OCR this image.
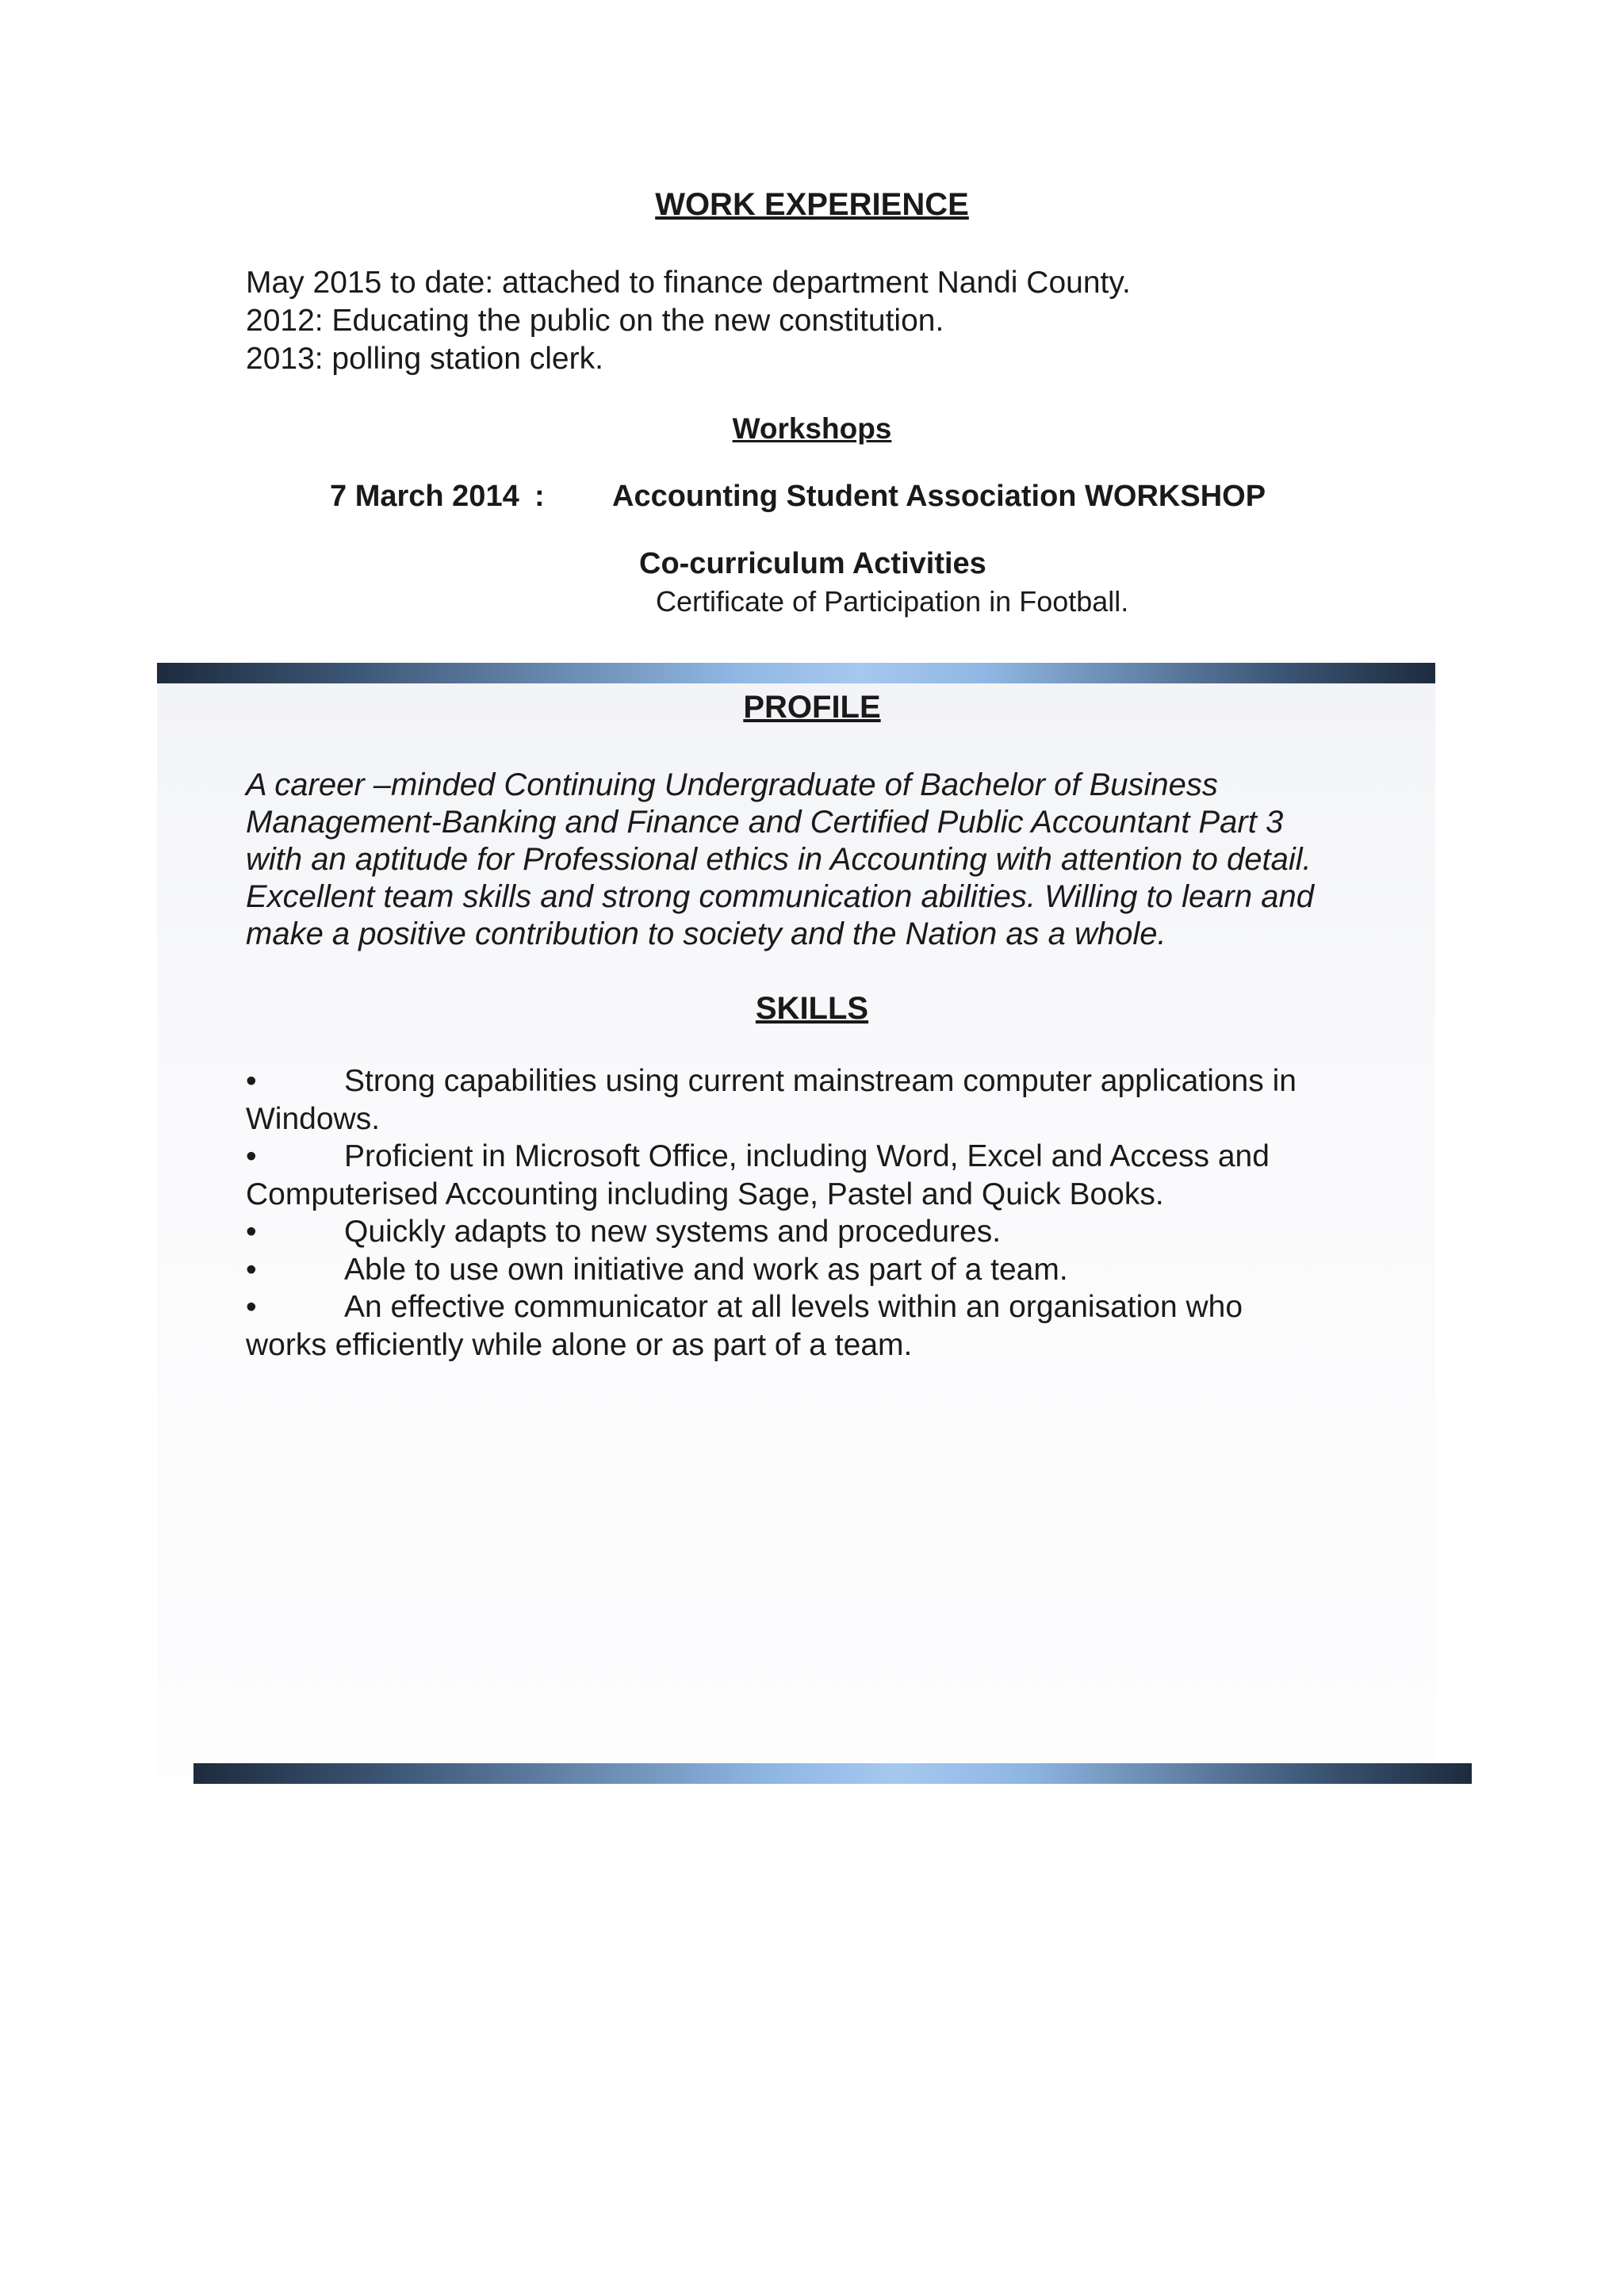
WORK EXPERIENCE
May 2015 to date: attached to finance department Nandi County.
2012: Educating the public on the new constitution.
2013: polling station clerk.
Workshops
7 March 2014 : Accounting Student Association WORKSHOP
Co-curriculum Activities
Certificate of Participation in Football.
PROFILE
A career –minded Continuing Undergraduate of Bachelor of Business
Management-Banking and Finance and Certified Public Accountant Part 3
with an aptitude for Professional ethics in Accounting with attention to detail.
Excellent team skills and strong communication abilities. Willing to learn and
make a positive contribution to society and the Nation as a whole.
SKILLS
•	Strong capabilities using current mainstream computer applications in
Windows.
•	Proficient in Microsoft Office, including Word, Excel and Access and
Computerised Accounting including Sage, Pastel and Quick Books.
•	Quickly adapts to new systems and procedures.
•	Able to use own initiative and work as part of a team.
•	An effective communicator at all levels within an organisation who
works efficiently while alone or as part of a team.
